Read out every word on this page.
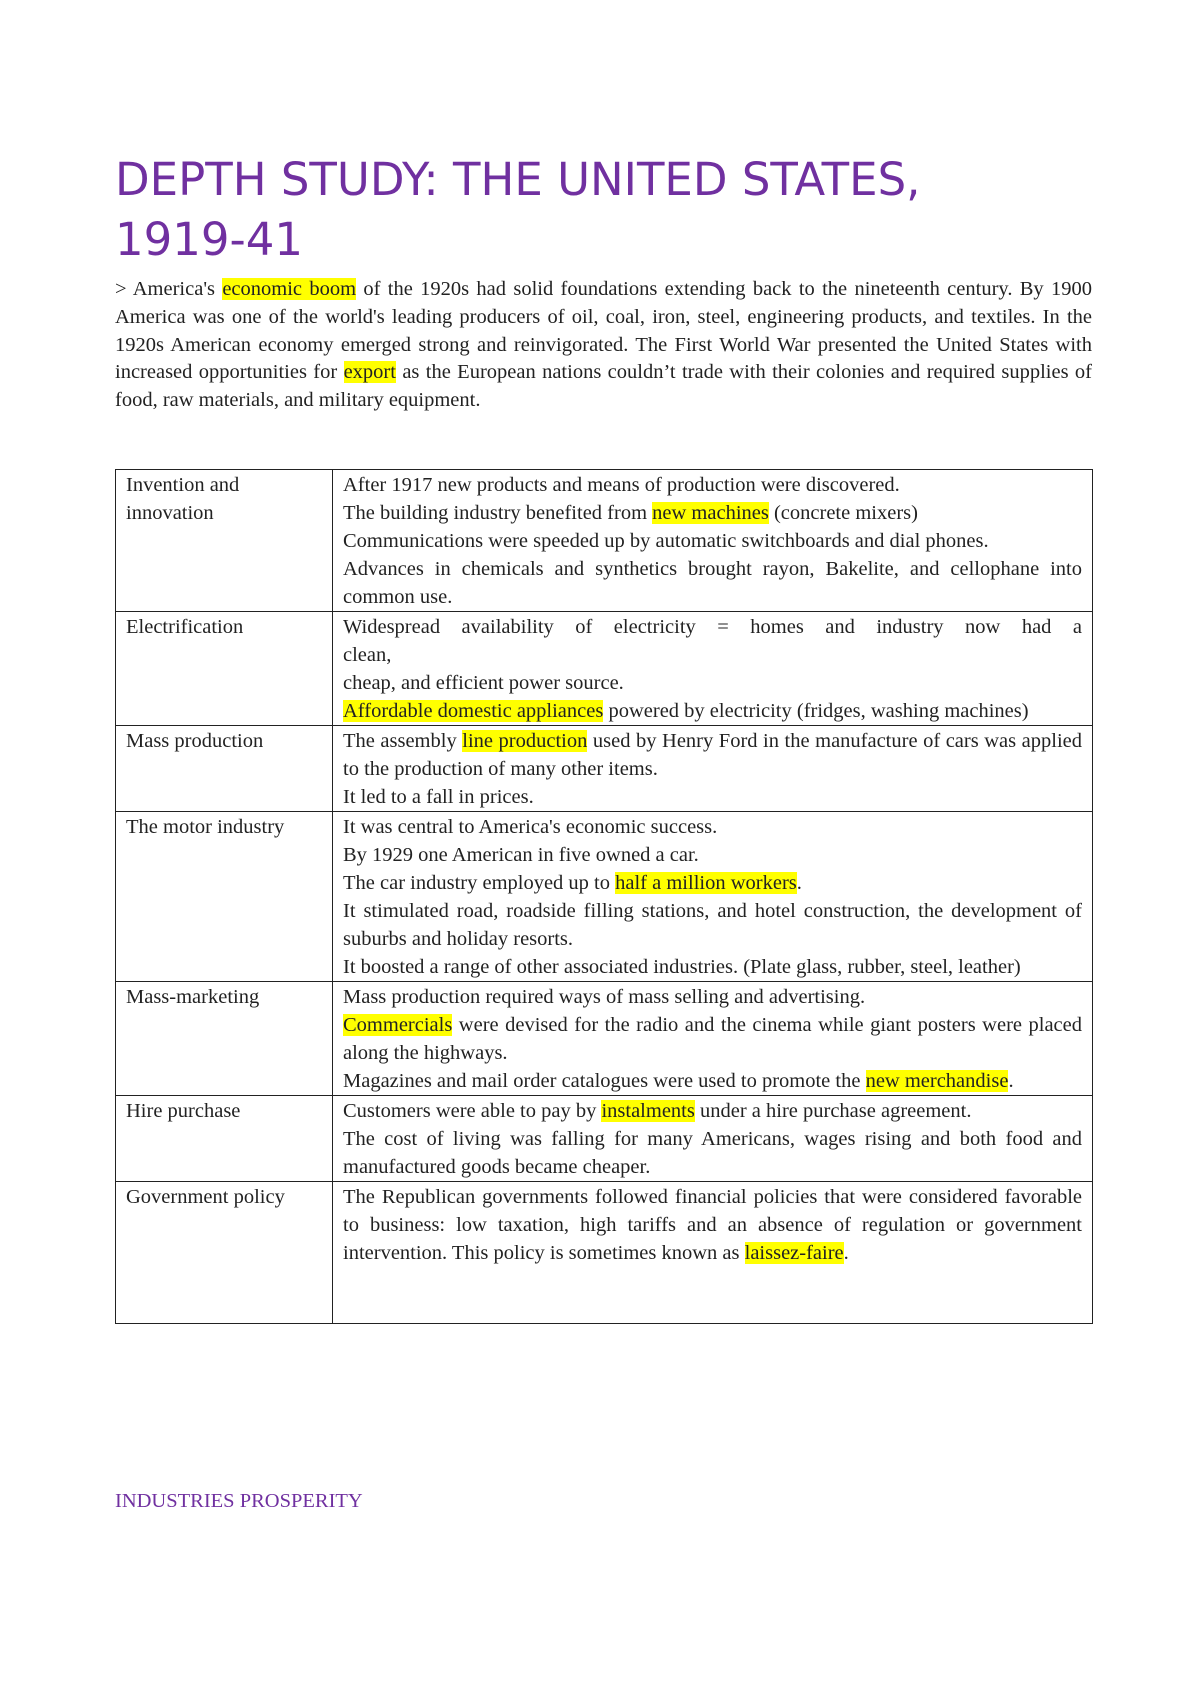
DEPTH STUDY: THE UNITED STATES,
1919-41

> America's economic boom of the 1920s had solid foundations extending back to the nineteenth century. By 1900 America was one of the world's leading producers of oil, coal, iron, steel, engineering products, and textiles. In the 1920s American economy emerged strong and reinvigorated. The First World War presented the United States with increased opportunities for export as the European nations couldn’t trade with their colonies and required supplies of food, raw materials, and military equipment.

Invention and innovation	After 1917 new products and means of production were discovered.
The building industry benefited from new machines (concrete mixers)
Communications were speeded up by automatic switchboards and dial phones.
Advances in chemicals and synthetics brought rayon, Bakelite, and cellophane into common use.

Electrification	Widespread availability of electricity = homes and industry now had a
clean,
cheap, and efficient power source.
Affordable domestic appliances powered by electricity (fridges, washing machines)

Mass production	The assembly line production used by Henry Ford in the manufacture of cars was applied to the production of many other items.
It led to a fall in prices.

The motor industry	It was central to America's economic success.
By 1929 one American in five owned a car.
The car industry employed up to half a million workers.
It stimulated road, roadside filling stations, and hotel construction, the development of suburbs and holiday resorts.
It boosted a range of other associated industries. (Plate glass, rubber, steel, leather)

Mass-marketing	Mass production required ways of mass selling and advertising.
Commercials were devised for the radio and the cinema while giant posters were placed along the highways.
Magazines and mail order catalogues were used to promote the new merchandise.

Hire purchase	Customers were able to pay by instalments under a hire purchase agreement.
The cost of living was falling for many Americans, wages rising and both food and manufactured goods became cheaper.

Government policy	The Republican governments followed financial policies that were considered favorable to business: low taxation, high tariffs and an absence of regulation or government intervention. This policy is sometimes known as laissez-faire.

INDUSTRIES PROSPERITY
